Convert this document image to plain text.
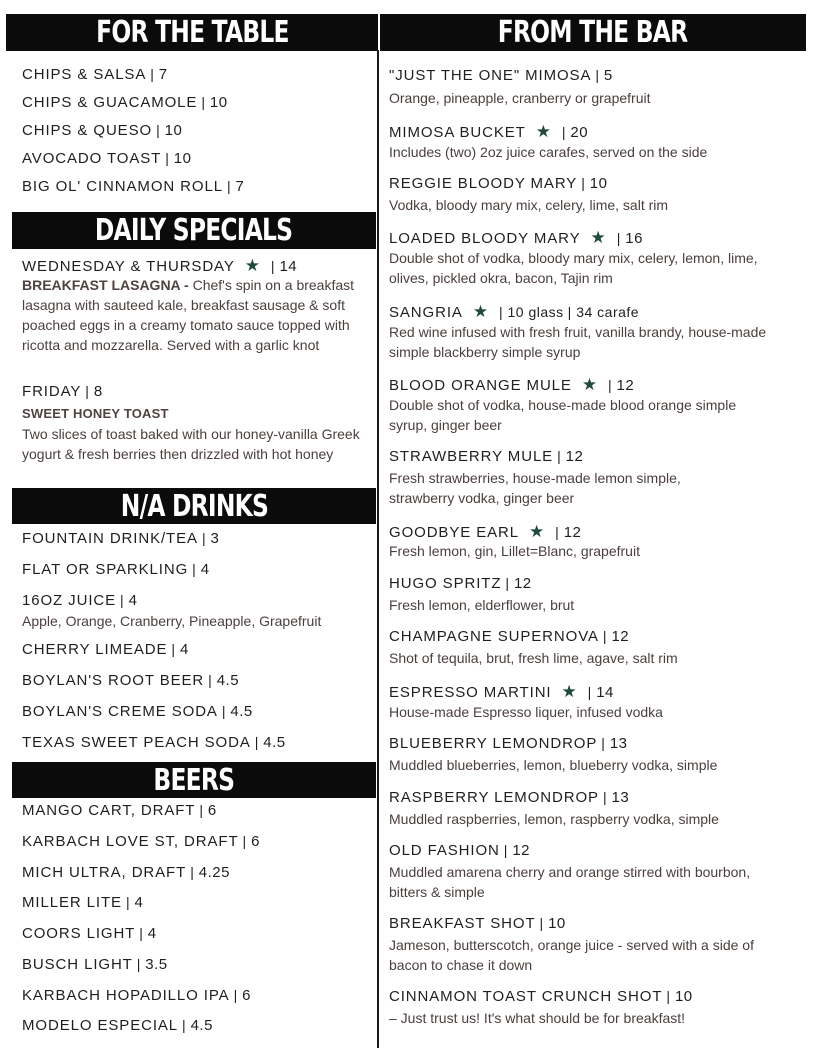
FOR THE TABLE	FROM THE BAR
DAILY SPECIALS
N/A DRINKS
BEERS
CHIPS & SALSA | 7
CHIPS & GUACAMOLE | 10
CHIPS & QUESO | 10
AVOCADO TOAST | 10
BIG OL' CINNAMON ROLL | 7
WEDNESDAY & THURSDAY ★ | 14
BREAKFAST LASAGNA - Chef's spin on a breakfast lasagna with sauteed kale, breakfast sausage & soft poached eggs in a creamy tomato sauce topped with ricotta and mozzarella. Served with a garlic knot
FRIDAY | 8
SWEET HONEY TOAST
Two slices of toast baked with our honey-vanilla Greek yogurt & fresh berries then drizzled with hot honey
FOUNTAIN DRINK/TEA | 3
FLAT OR SPARKLING | 4
16OZ JUICE | 4
Apple, Orange, Cranberry, Pineapple, Grapefruit
CHERRY LIMEADE | 4
BOYLAN'S ROOT BEER | 4.5
BOYLAN'S CREME SODA | 4.5
TEXAS SWEET PEACH SODA | 4.5
MANGO CART, DRAFT | 6
KARBACH LOVE ST, DRAFT | 6
MICH ULTRA, DRAFT | 4.25
MILLER LITE | 4
COORS LIGHT | 4
BUSCH LIGHT | 3.5
KARBACH HOPADILLO IPA | 6
MODELO ESPECIAL | 4.5
"JUST THE ONE" MIMOSA | 5
Orange, pineapple, cranberry or grapefruit
MIMOSA BUCKET ★ | 20
Includes (two) 2oz juice carafes, served on the side
REGGIE BLOODY MARY | 10
Vodka, bloody mary mix, celery, lime, salt rim
LOADED BLOODY MARY ★ | 16
Double shot of vodka, bloody mary mix, celery, lemon, lime, olives, pickled okra, bacon, Tajin rim
SANGRIA ★ | 10 glass | 34 carafe
Red wine infused with fresh fruit, vanilla brandy, house-made simple blackberry simple syrup
BLOOD ORANGE MULE ★ | 12
Double shot of vodka, house-made blood orange simple syrup, ginger beer
STRAWBERRY MULE | 12
Fresh strawberries, house-made lemon simple, strawberry vodka, ginger beer
GOODBYE EARL ★ | 12
Fresh lemon, gin, Lillet=Blanc, grapefruit
HUGO SPRITZ | 12
Fresh lemon, elderflower, brut
CHAMPAGNE SUPERNOVA | 12
Shot of tequila, brut, fresh lime, agave, salt rim
ESPRESSO MARTINI ★ | 14
House-made Espresso liquer, infused vodka
BLUEBERRY LEMONDROP | 13
Muddled blueberries, lemon, blueberry vodka, simple
RASPBERRY LEMONDROP | 13
Muddled raspberries, lemon, raspberry vodka, simple
OLD FASHION | 12
Muddled amarena cherry and orange stirred with bourbon, bitters & simple
BREAKFAST SHOT | 10
Jameson, butterscotch, orange juice - served with a side of bacon to chase it down
CINNAMON TOAST CRUNCH SHOT | 10
– Just trust us! It's what should be for breakfast!
